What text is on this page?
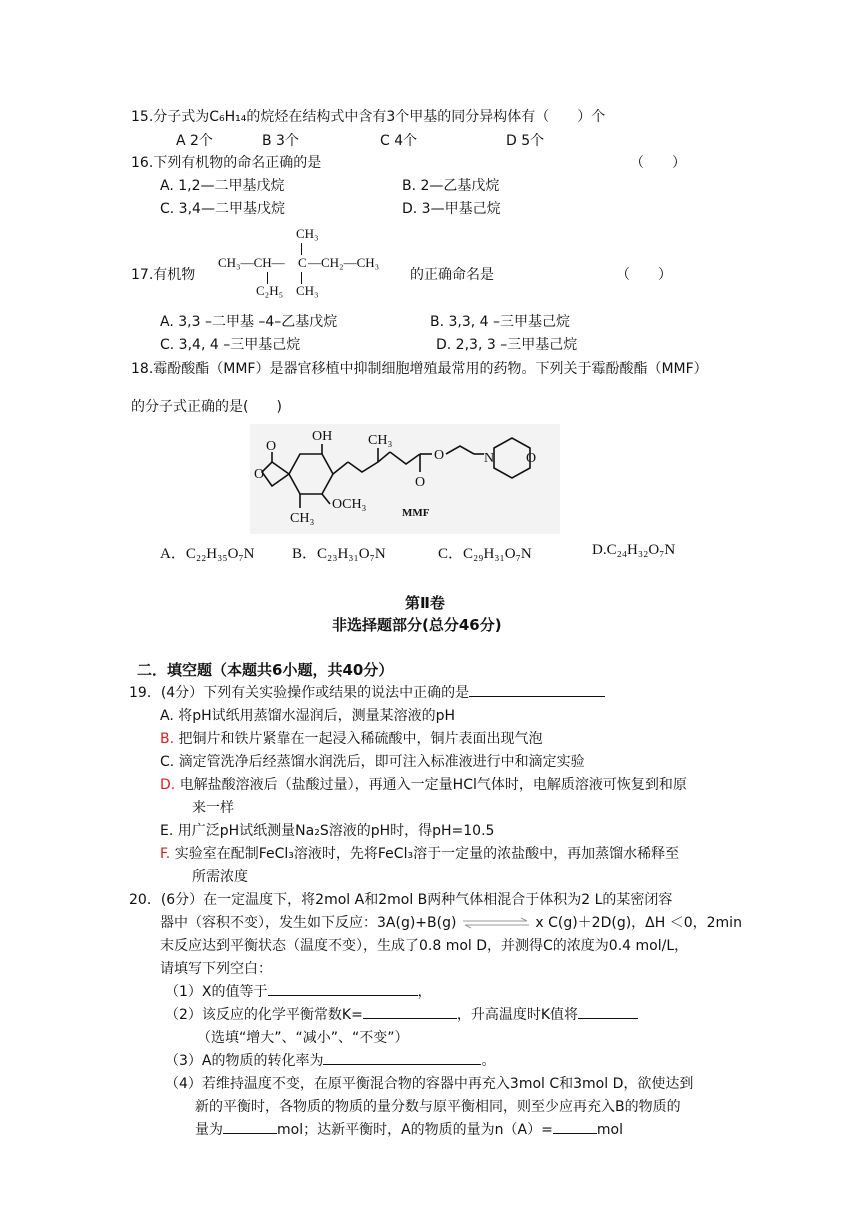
15.分子式为C₆H₁₄的烷烃在结构式中含有3个甲基的同分异构体有（　　）个
A 2个	B 3个	C 4个	D 5个
16.下列有机物的命名正确的是	（　　）
A. 1,2—二甲基戊烷	B. 2—乙基戊烷
C. 3,4—二甲基戊烷	D. 3—甲基己烷
17.有机物
CH₃
CH₃—CH— C —CH₂—CH₃
C₂H₅ CH₃
的正确命名是	（　　）
A. 3,3 –二甲基 –4–乙基戊烷	B. 3,3, 4 –三甲基己烷
C. 3,4, 4 –三甲基己烷	D. 2,3, 3 –三甲基己烷
18.霉酚酸酯（MMF）是器官移植中抑制细胞增殖最常用的药物。下列关于霉酚酸酯（MMF）
的分子式正确的是(　　)
OH	CH₃
OCH₃
CH₃
O
O
O
O
N O
MMF
A．C₂₂H₃₅O₇N	B．C₂₃H₃₁O₇N	C．C₂₉H₃₁O₇N	D.C₂₄H₃₂O₇N
第Ⅱ卷
非选择题部分(总分46分)
二．填空题（本题共6小题，共40分）
19．(4分）下列有关实验操作或结果的说法中正确的是
A. 将pH试纸用蒸馏水湿润后，测量某溶液的pH
B. 把铜片和铁片紧靠在一起浸入稀硫酸中，铜片表面出现气泡
C. 滴定管洗净后经蒸馏水润洗后，即可注入标准液进行中和滴定实验
D. 电解盐酸溶液后（盐酸过量），再通入一定量HCl气体时，电解质溶液可恢复到和原
来一样
E. 用广泛pH试纸测量Na₂S溶液的pH时，得pH=10.5
F. 实验室在配制FeCl₃溶液时，先将FeCl₃溶于一定量的浓盐酸中，再加蒸馏水稀释至
所需浓度
20．(6分）在一定温度下，将2mol A和2mol B两种气体相混合于体积为2 L的某密闭容
器中（容积不变），发生如下反应：3A(g)+B(g)	x C(g)＋2D(g)，ΔH ＜0，2min
末反应达到平衡状态（温度不变），生成了0.8 mol D，并测得C的浓度为0.4 mol/L，
请填写下列空白：
（1）X的值等于	，
（2）该反应的化学平衡常数K=	，升高温度时K值将
（选填“增大”、“减小”、“不变”）
（3）A的物质的转化率为	。
（4）若维持温度不变，在原平衡混合物的容器中再充入3mol C和3mol D，欲使达到
新的平衡时，各物质的物质的量分数与原平衡相同，则至少应再充入B的物质的
量为	mol；达新平衡时，A的物质的量为n（A）=	mol
